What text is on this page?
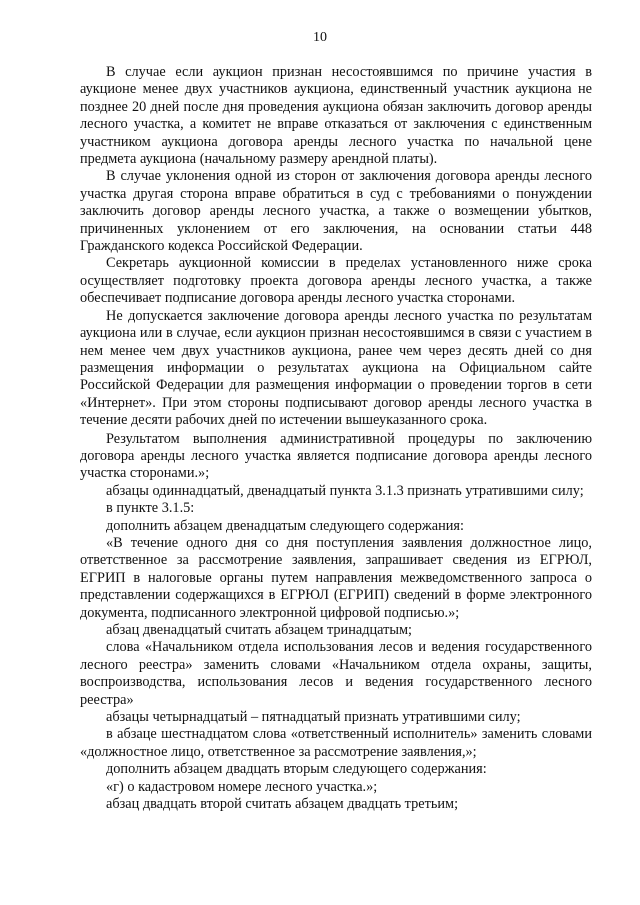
10

В случае если аукцион признан несостоявшимся по причине участия в аукционе менее двух участников аукциона, единственный участник аукциона не позднее 20 дней после дня проведения аукциона обязан заключить договор аренды лесного участка, а комитет не вправе отказаться от заключения с единственным участником аукциона договора аренды лесного участка по начальной цене предмета аукциона (начальному размеру арендной платы).

В случае уклонения одной из сторон от заключения договора аренды лесного участка другая сторона вправе обратиться в суд с требованиями о понуждении заключить договор аренды лесного участка, а также о возмещении убытков, причиненных уклонением от его заключения, на основании статьи 448 Гражданского кодекса Российской Федерации.

Секретарь аукционной комиссии в пределах установленного ниже срока осуществляет подготовку проекта договора аренды лесного участка, а также обеспечивает подписание договора аренды лесного участка сторонами.

Не допускается заключение договора аренды лесного участка по результатам аукциона или в случае, если аукцион признан несостоявшимся в связи с участием в нем менее чем двух участников аукциона, ранее чем через десять дней со дня размещения информации о результатах аукциона на Официальном сайте Российской Федерации для размещения информации о проведении торгов в сети «Интернет». При этом стороны подписывают договор аренды лесного участка в течение десяти рабочих дней по истечении вышеуказанного срока.

Результатом выполнения административной процедуры по заключению договора аренды лесного участка является подписание договора аренды лесного участка сторонами.»;

абзацы одиннадцатый, двенадцатый пункта 3.1.3 признать утратившими силу;

в пункте 3.1.5:

дополнить абзацем двенадцатым следующего содержания:

«В течение одного дня со дня поступления заявления должностное лицо, ответственное за рассмотрение заявления, запрашивает сведения из ЕГРЮЛ, ЕГРИП в налоговые органы путем направления межведомственного запроса о представлении содержащихся в ЕГРЮЛ (ЕГРИП) сведений в форме электронного документа, подписанного электронной цифровой подписью.»;

абзац двенадцатый считать абзацем тринадцатым;

слова «Начальником отдела использования лесов и ведения государственного лесного реестра» заменить словами «Начальником отдела охраны, защиты, воспроизводства, использования лесов и ведения государственного лесного реестра»

абзацы четырнадцатый – пятнадцатый признать утратившими силу;

в абзаце шестнадцатом слова «ответственный исполнитель» заменить словами «должностное лицо, ответственное за рассмотрение заявления,»;

дополнить абзацем двадцать вторым следующего содержания:

«г) о кадастровом номере лесного участка.»;

абзац двадцать второй считать абзацем двадцать третьим;
